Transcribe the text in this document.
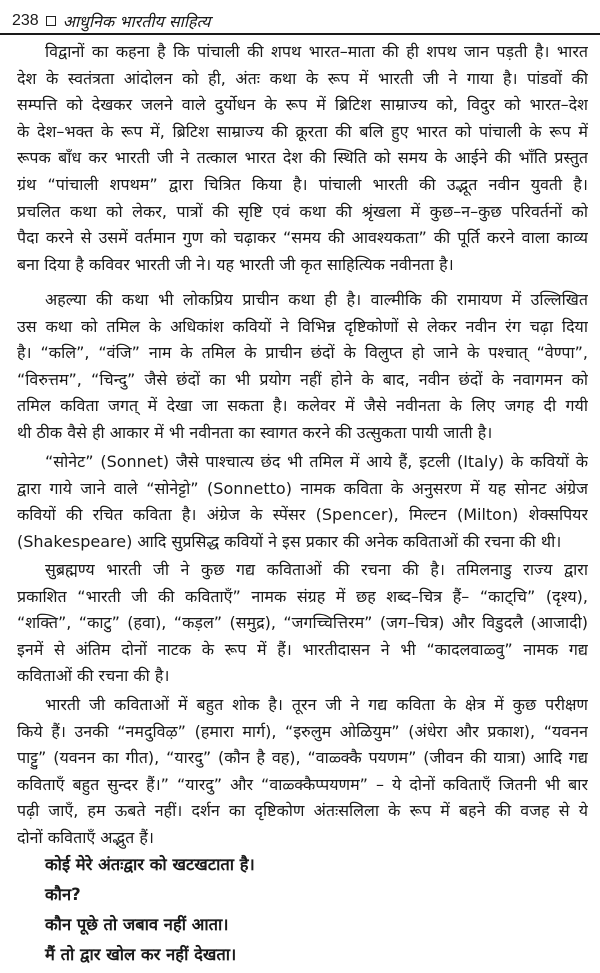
238 आधुनिक भारतीय साहित्य
विद्वानों का कहना है कि पांचाली की शपथ भारत–माता की ही शपथ जान पड़ती है। भारत
देश के स्वतंत्रता आंदोलन को ही, अंतः कथा के रूप में भारती जी ने गाया है। पांडवों की
सम्पत्ति को देखकर जलने वाले दुर्योधन के रूप में ब्रिटिश साम्राज्य को, विदुर को भारत–देश
के देश–भक्त के रूप में, ब्रिटिश साम्राज्य की क्रूरता की बलि हुए भारत को पांचाली के रूप में
रूपक बाँध कर भारती जी ने तत्काल भारत देश की स्थिति को समय के आईने की भाँति प्रस्तुत
ग्रंथ “पांचाली शपथम” द्वारा चित्रित किया है। पांचाली भारती की उद्भूत नवीन युवती है।
प्रचलित कथा को लेकर, पात्रों की सृष्टि एवं कथा की श्रृंखला में कुछ–न–कुछ परिवर्तनों को
पैदा करने से उसमें वर्तमान गुण को चढ़ाकर “समय की आवश्यकता” की पूर्ति करने वाला काव्य
बना दिया है कविवर भारती जी ने। यह भारती जी कृत साहित्यिक नवीनता है।
अहल्या की कथा भी लोकप्रिय प्राचीन कथा ही है। वाल्मीकि की रामायण में उल्लिखित
उस कथा को तमिल के अधिकांश कवियों ने विभिन्न दृष्टिकोणों से लेकर नवीन रंग चढ़ा दिया
है। “कलि”, “वंजि” नाम के तमिल के प्राचीन छंदों के विलुप्त हो जाने के पश्चात् “वेण्पा”,
“विरुत्तम”, “चिन्दु” जैसे छंदों का भी प्रयोग नहीं होने के बाद, नवीन छंदों के नवागमन को
तमिल कविता जगत् में देखा जा सकता है। कलेवर में जैसे नवीनता के लिए जगह दी गयी
थी ठीक वैसे ही आकार में भी नवीनता का स्वागत करने की उत्सुकता पायी जाती है।
“सोनेट” (Sonnet) जैसे पाश्चात्य छंद भी तमिल में आये हैं, इटली (Italy) के कवियों के
द्वारा गाये जाने वाले “सोनेट्टो” (Sonnetto) नामक कविता के अनुसरण में यह सोनट अंग्रेज
कवियों की रचित कविता है। अंग्रेज के स्पेंसर (Spencer), मिल्टन (Milton) शेक्सपियर
(Shakespeare) आदि सुप्रसिद्ध कवियों ने इस प्रकार की अनेक कविताओं की रचना की थी।
सुब्रह्मण्य भारती जी ने कुछ गद्य कविताओं की रचना की है। तमिलनाडु राज्य द्वारा
प्रकाशित “भारती जी की कविताएँ” नामक संग्रह में छह शब्द–चित्र हैं– “काट्चि” (दृश्य),
“शक्ति”, “काटु” (हवा), “कड़ल” (समुद्र), “जगच्चित्तिरम” (जग–चित्र) और विडुदलै (आजादी)
इनमें से अंतिम दोनों नाटक के रूप में हैं। भारतीदासन ने भी “कादलवाळ्वु” नामक गद्य
कविताओं की रचना की है।
भारती जी कविताओं में बहुत शोक है। तूरन जी ने गद्य कविता के क्षेत्र में कुछ परीक्षण
किये हैं। उनकी “नमदुविऴ” (हमारा मार्ग), “इरुलुम ओळियुम” (अंधेरा और प्रकाश), “यवनन
पाट्टु” (यवनन का गीत), “यारदु” (कौन है वह), “वाळ्क्कै पयणम” (जीवन की यात्रा) आदि गद्य
कविताएँ बहुत सुन्दर हैं।” “यारदु” और “वाळ्क्कैप्पयणम” – ये दोनों कविताएँ जितनी भी बार
पढ़ी जाएँ, हम ऊबते नहीं। दर्शन का दृष्टिकोण अंतःसलिला के रूप में बहने की वजह से ये
दोनों कविताएँ अद्भुत हैं।
कोई मेरे अंतःद्वार को खटखटाता है।
कौन?
कौन पूछे तो जबाव नहीं आता।
मैं तो द्वार खोल कर नहीं देखता।
